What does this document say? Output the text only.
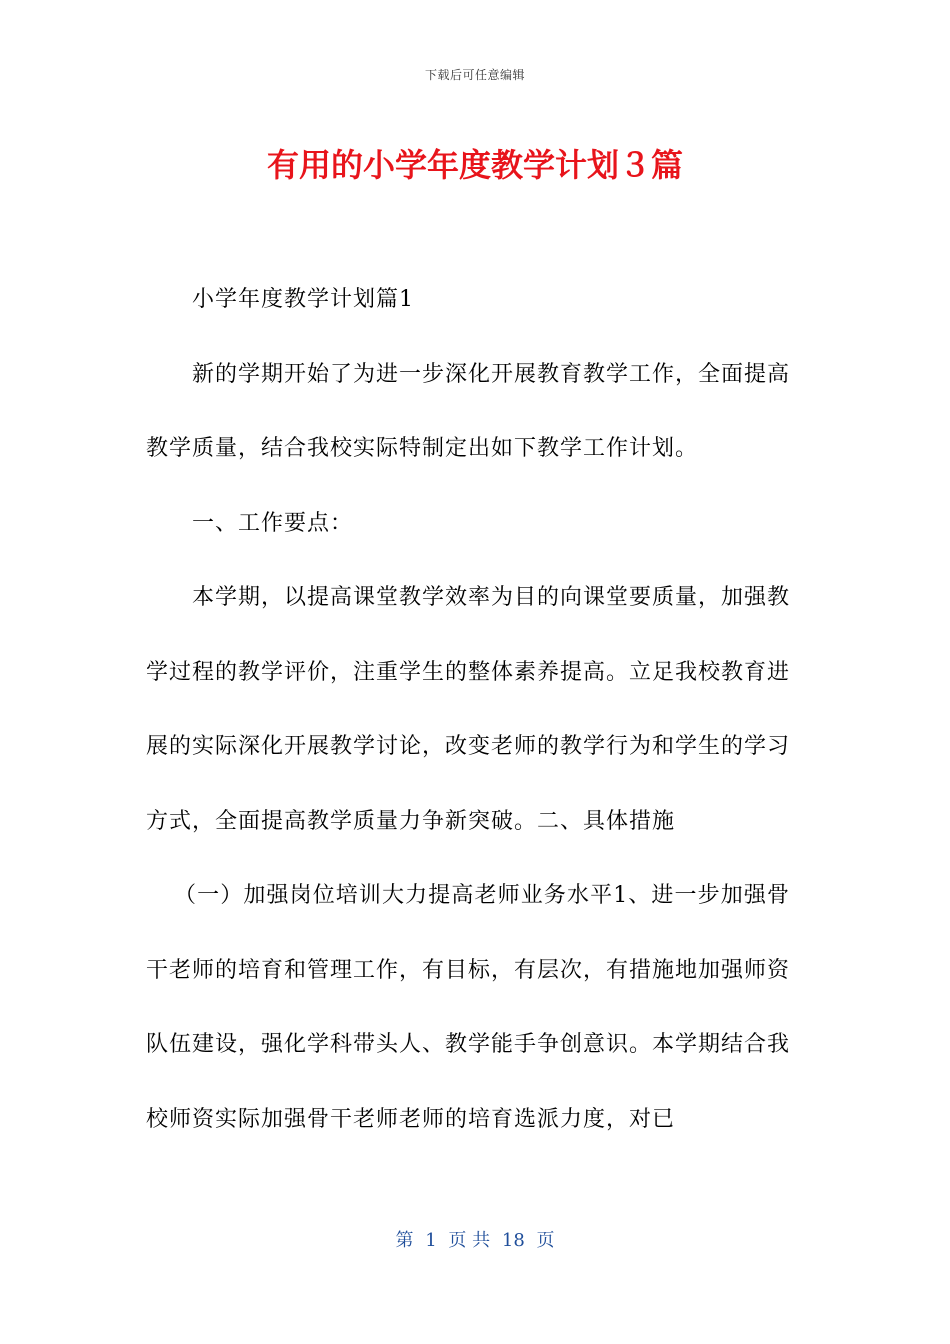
下载后可任意编辑
有用的小学年度教学计划３篇

小学年度教学计划篇1

新的学期开始了为进一步深化开展教育教学工作，全面提高教学质量，结合我校实际特制定出如下教学工作计划。

一、工作要点：

本学期，以提高课堂教学效率为目的向课堂要质量，加强教学过程的教学评价，注重学生的整体素养提高。立足我校教育进展的实际深化开展教学讨论，改变老师的教学行为和学生的学习方式，全面提高教学质量力争新突破。二、具体措施

（一）加强岗位培训大力提高老师业务水平1、进一步加强骨干老师的培育和管理工作，有目标，有层次，有措施地加强师资队伍建设，强化学科带头人、教学能手争创意识。本学期结合我校师资实际加强骨干老师老师的培育选派力度，对已

第 1 页 共 18 页
